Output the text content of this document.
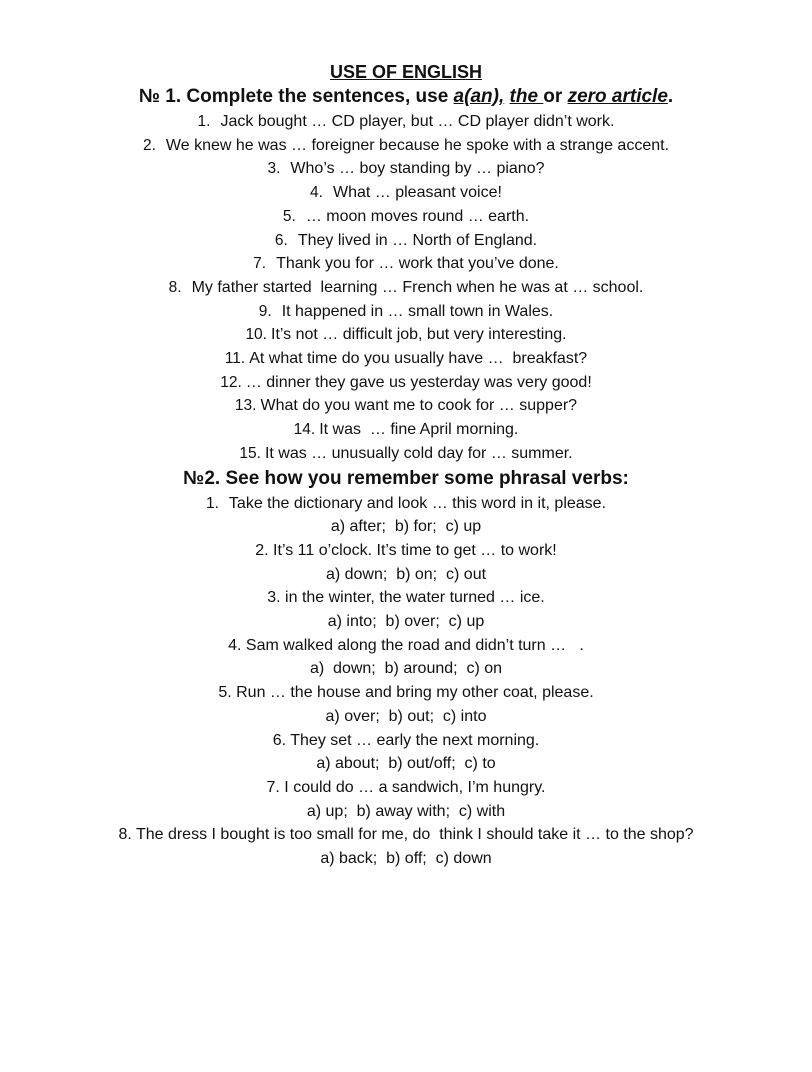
USE OF ENGLISH
№ 1. Complete the sentences, use a(an), the or zero article.
1. Jack bought … CD player, but … CD player didn’t work.
2. We knew he was … foreigner because he spoke with a strange accent.
3. Who’s … boy standing by … piano?
4. What … pleasant voice!
5. … moon moves round … earth.
6. They lived in … North of England.
7. Thank you for … work that you’ve done.
8. My father started  learning … French when he was at … school.
9. It happened in … small town in Wales.
10. It’s not … difficult job, but very interesting.
11. At what time do you usually have …  breakfast?
12. … dinner they gave us yesterday was very good!
13. What do you want me to cook for … supper?
14. It was  … fine April morning.
15. It was … unusually cold day for … summer.
№2. See how you remember some phrasal verbs:
1. Take the dictionary and look … this word in it, please.
a) after;  b) for;  c) up
2. It’s 11 o’clock. It’s time to get … to work!
a) down;  b) on;  c) out
3. in the winter, the water turned … ice.
a) into;  b) over;  c) up
4. Sam walked along the road and didn’t turn …   .
a)  down;  b) around;  c) on
5. Run … the house and bring my other coat, please.
a) over;  b) out;  c) into
6. They set … early the next morning.
a) about;  b) out/off;  c) to
7. I could do … a sandwich, I’m hungry.
a) up;  b) away with;  c) with
8. The dress I bought is too small for me, do  think I should take it … to the shop?
a) back;  b) off;  c) down
